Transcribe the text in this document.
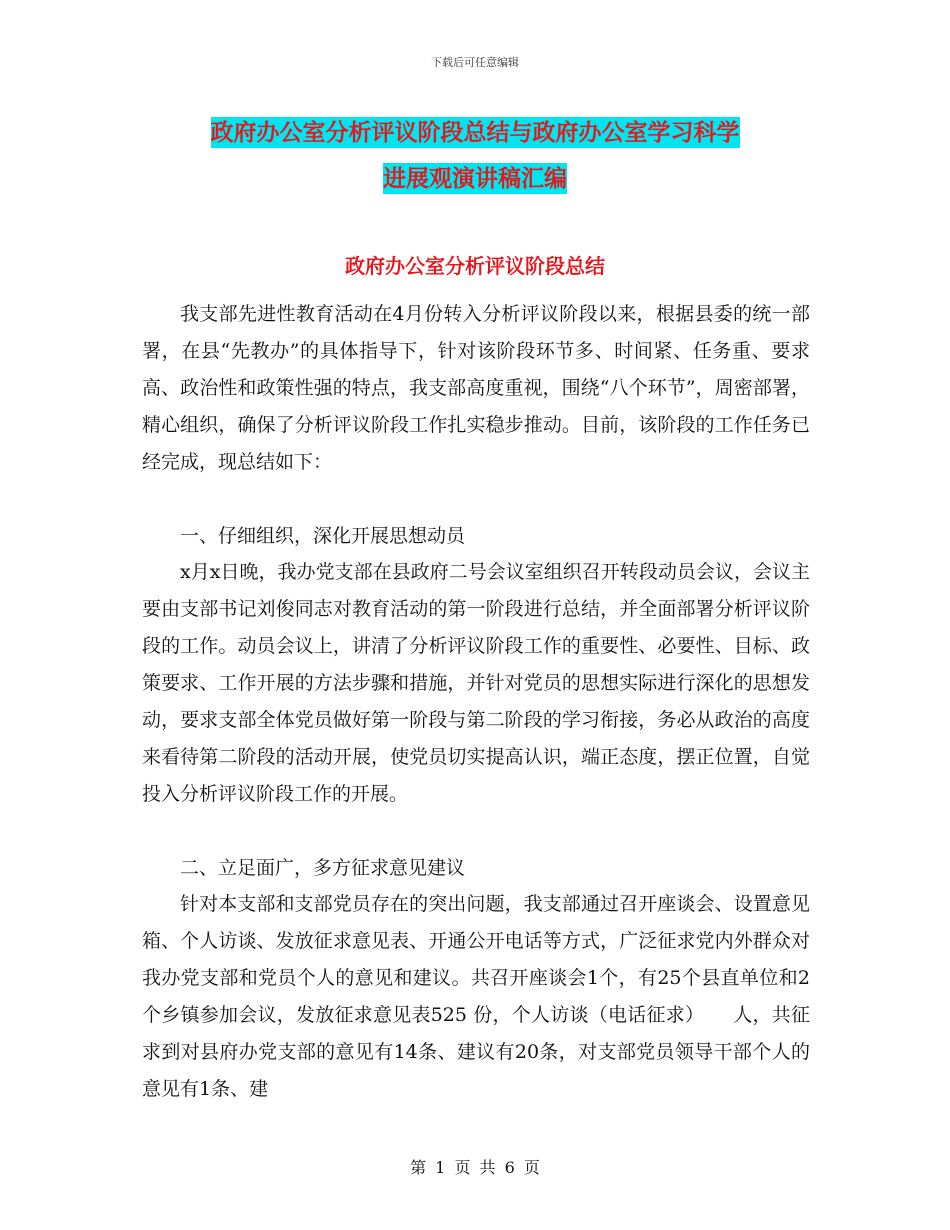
下载后可任意编辑
政府办公室分析评议阶段总结与政府办公室学习科学
进展观演讲稿汇编
政府办公室分析评议阶段总结

我支部先进性教育活动在4月份转入分析评议阶段以来，根据县委的统一部署，在县“先教办”的具体指导下，针对该阶段环节多、时间紧、任务重、要求高、政治性和政策性强的特点，我支部高度重视，围绕“八个环节”，周密部署，精心组织，确保了分析评议阶段工作扎实稳步推动。目前，该阶段的工作任务已经完成，现总结如下：

一、仔细组织，深化开展思想动员

x月x日晚，我办党支部在县政府二号会议室组织召开转段动员会议，会议主要由支部书记刘俊同志对教育活动的第一阶段进行总结，并全面部署分析评议阶段的工作。动员会议上，讲清了分析评议阶段工作的重要性、必要性、目标、政策要求、工作开展的方法步骤和措施，并针对党员的思想实际进行深化的思想发动，要求支部全体党员做好第一阶段与第二阶段的学习衔接，务必从政治的高度来看待第二阶段的活动开展，使党员切实提高认识，端正态度，摆正位置，自觉投入分析评议阶段工作的开展。

二、立足面广，多方征求意见建议

针对本支部和支部党员存在的突出问题，我支部通过召开座谈会、设置意见箱、个人访谈、发放征求意见表、开通公开电话等方式，广泛征求党内外群众对我办党支部和党员个人的意见和建议。共召开座谈会1个，有25个县直单位和2个乡镇参加会议，发放征求意见表525 份，个人访谈（电话征求）　　人，共征求到对县府办党支部的意见有14条、建议有20条，对支部党员领导干部个人的意见有1条、建

第 1 页 共 6 页
